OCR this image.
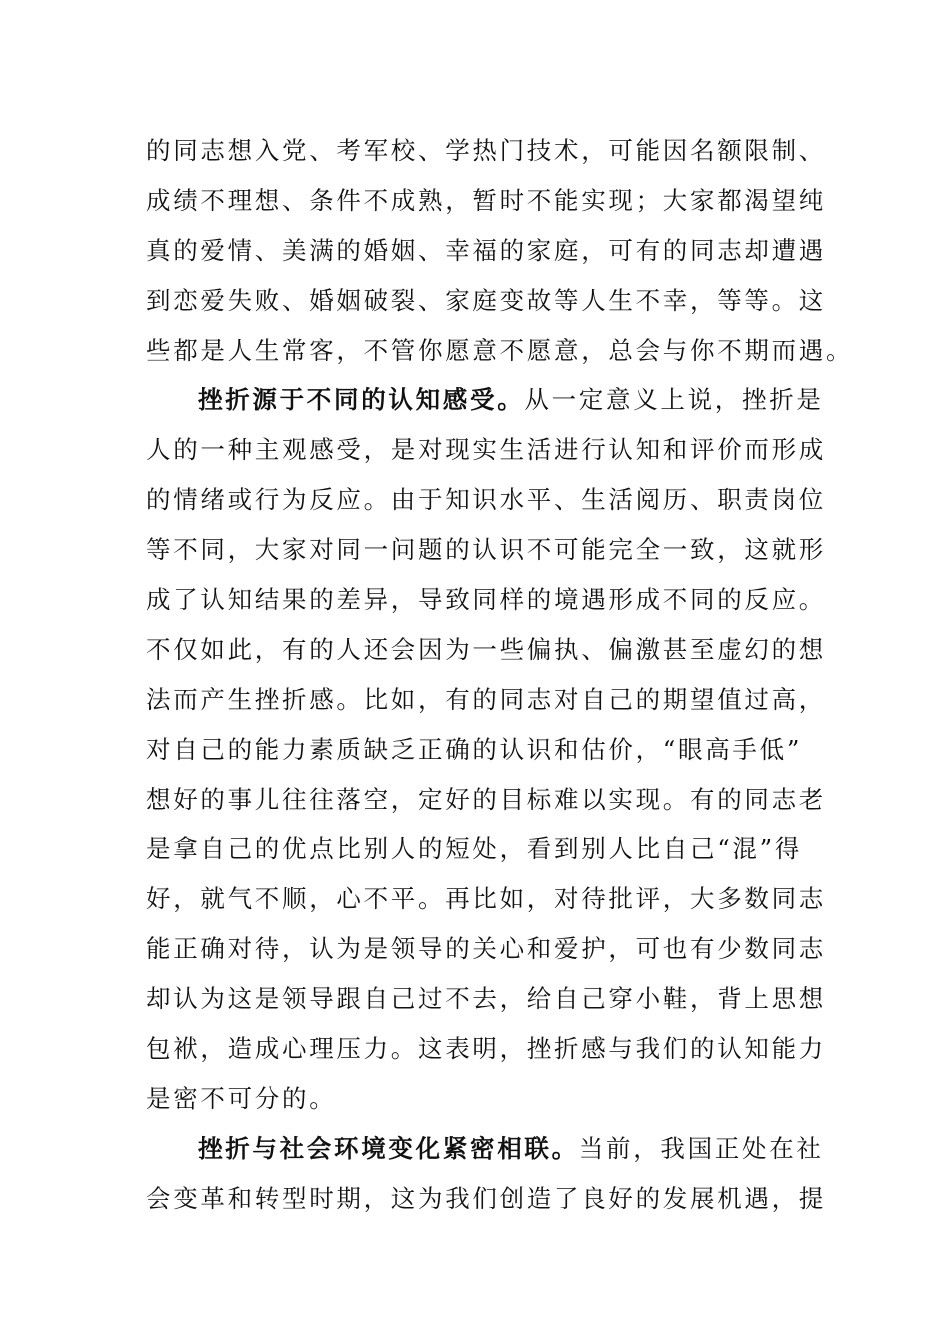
的同志想入党、考军校、学热门技术，可能因名额限制、
成绩不理想、条件不成熟，暂时不能实现；大家都渴望纯
真的爱情、美满的婚姻、幸福的家庭，可有的同志却遭遇
到恋爱失败、婚姻破裂、家庭变故等人生不幸，等等。这
些都是人生常客，不管你愿意不愿意，总会与你不期而遇。
挫折源于不同的认知感受。从一定意义上说，挫折是
人的一种主观感受，是对现实生活进行认知和评价而形成
的情绪或行为反应。由于知识水平、生活阅历、职责岗位
等不同，大家对同一问题的认识不可能完全一致，这就形
成了认知结果的差异，导致同样的境遇形成不同的反应。
不仅如此，有的人还会因为一些偏执、偏激甚至虚幻的想
法而产生挫折感。比如，有的同志对自己的期望值过高，
对自己的能力素质缺乏正确的认识和估价，“眼高手低”
想好的事儿往往落空，定好的目标难以实现。有的同志老
是拿自己的优点比别人的短处，看到别人比自己“混”得
好，就气不顺，心不平。再比如，对待批评，大多数同志
能正确对待，认为是领导的关心和爱护，可也有少数同志
却认为这是领导跟自己过不去，给自己穿小鞋，背上思想
包袱，造成心理压力。这表明，挫折感与我们的认知能力
是密不可分的。
挫折与社会环境变化紧密相联。当前，我国正处在社
会变革和转型时期，这为我们创造了良好的发展机遇，提
